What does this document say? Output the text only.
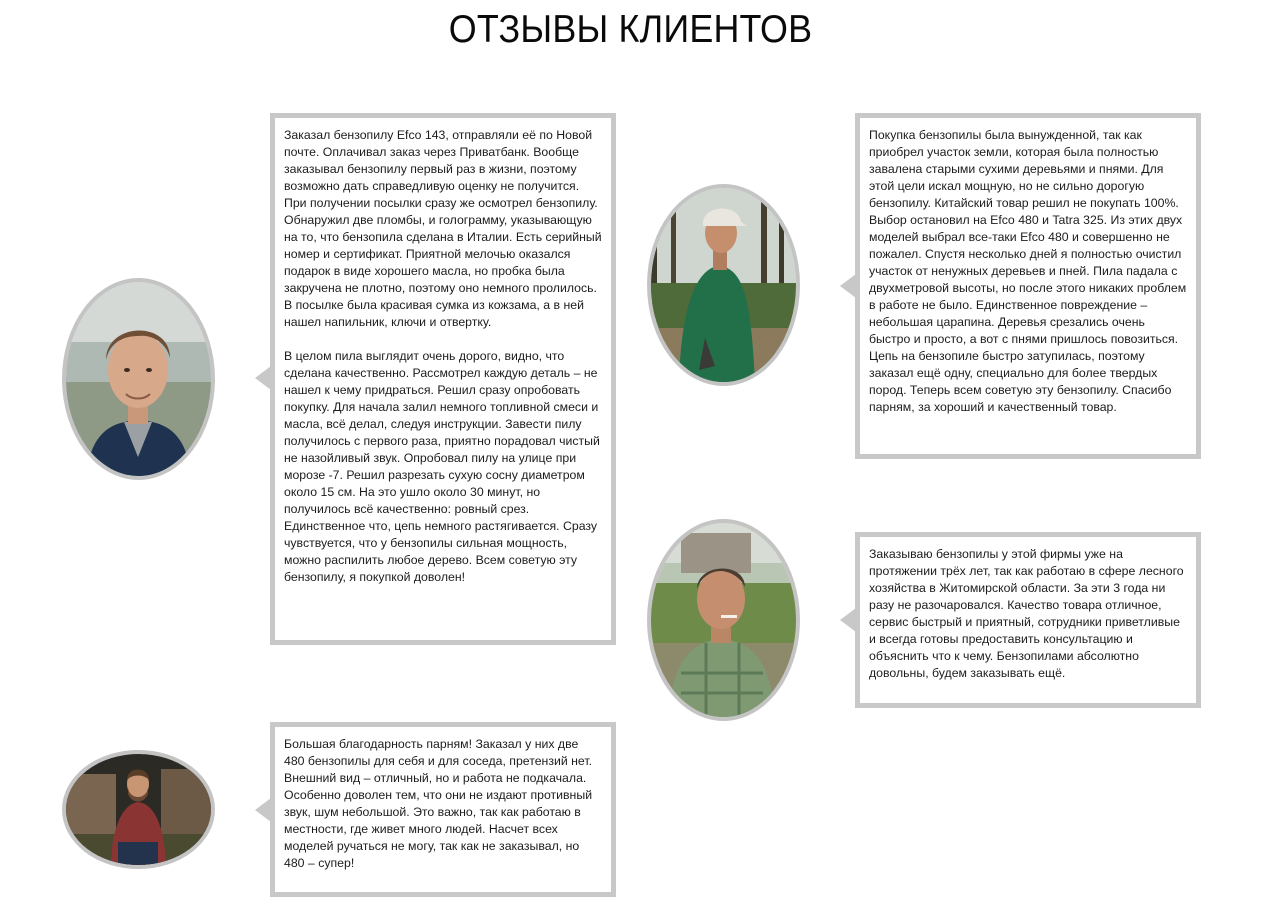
ОТЗЫВЫ КЛИЕНТОВ

Заказал бензопилу Efco 143, отправляли её по Новой почте. Оплачивал заказ через Приватбанк. Вообще заказывал бензопилу первый раз в жизни, поэтому возможно дать справедливую оценку не получится. При получении посылки сразу же осмотрел бензопилу. Обнаружил две пломбы, и голограмму, указывающую на то, что бензопила сделана в Италии. Есть серийный номер и сертификат. Приятной мелочью оказался подарок в виде хорошего масла, но пробка была закручена не плотно, поэтому оно немного пролилось. В посылке была красивая сумка из кожзама, а в ней нашел напильник, ключи и отвертку.

В целом пила выглядит очень дорого, видно, что сделана качественно. Рассмотрел каждую деталь – не нашел к чему придраться. Решил сразу опробовать покупку. Для начала залил немного топливной смеси и масла, всё делал, следуя инструкции. Завести пилу получилось с первого раза, приятно порадовал чистый не назойливый звук. Опробовал пилу на улице при морозе -7. Решил разрезать сухую сосну диаметром около 15 см. На это ушло около 30 минут, но получилось всё качественно: ровный срез. Единственное что, цепь немного растягивается. Сразу чувствуется, что у бензопилы сильная мощность, можно распилить любое дерево. Всем советую эту бензопилу, я покупкой доволен!

Покупка бензопилы была вынужденной, так как приобрел участок земли, которая была полностью завалена старыми сухими деревьями и пнями. Для этой цели искал мощную, но не сильно дорогую бензопилу. Китайский товар решил не покупать 100%. Выбор остановил на Efco 480 и Tatra 325. Из этих двух моделей выбрал все-таки Efco 480 и совершенно не пожалел. Спустя несколько дней я полностью очистил участок от ненужных деревьев и пней. Пила падала с двухметровой высоты, но после этого никаких проблем в работе не было. Единственное повреждение – небольшая царапина. Деревья срезались очень быстро и просто, а вот с пнями пришлось повозиться. Цепь на бензопиле быстро затупилась, поэтому заказал ещё одну, специально для более твердых пород. Теперь всем советую эту бензопилу. Спасибо парням, за хороший и качественный товар.

Заказываю бензопилы у этой фирмы уже на протяжении трёх лет, так как работаю в сфере лесного хозяйства в Житомирской области. За эти 3 года ни разу не разочаровался. Качество товара отличное, сервис быстрый и приятный, сотрудники приветливые и всегда готовы предоставить консультацию и объяснить что к чему. Бензопилами абсолютно довольны, будем заказывать ещё.

Большая благодарность парням! Заказал у них две 480 бензопилы для себя и для соседа, претензий нет. Внешний вид – отличный, но и работа не подкачала. Особенно доволен тем, что они не издают противный звук, шум небольшой. Это важно, так как работаю в местности, где живет много людей. Насчет всех моделей ручаться не могу, так как не заказывал, но 480 – супер!
